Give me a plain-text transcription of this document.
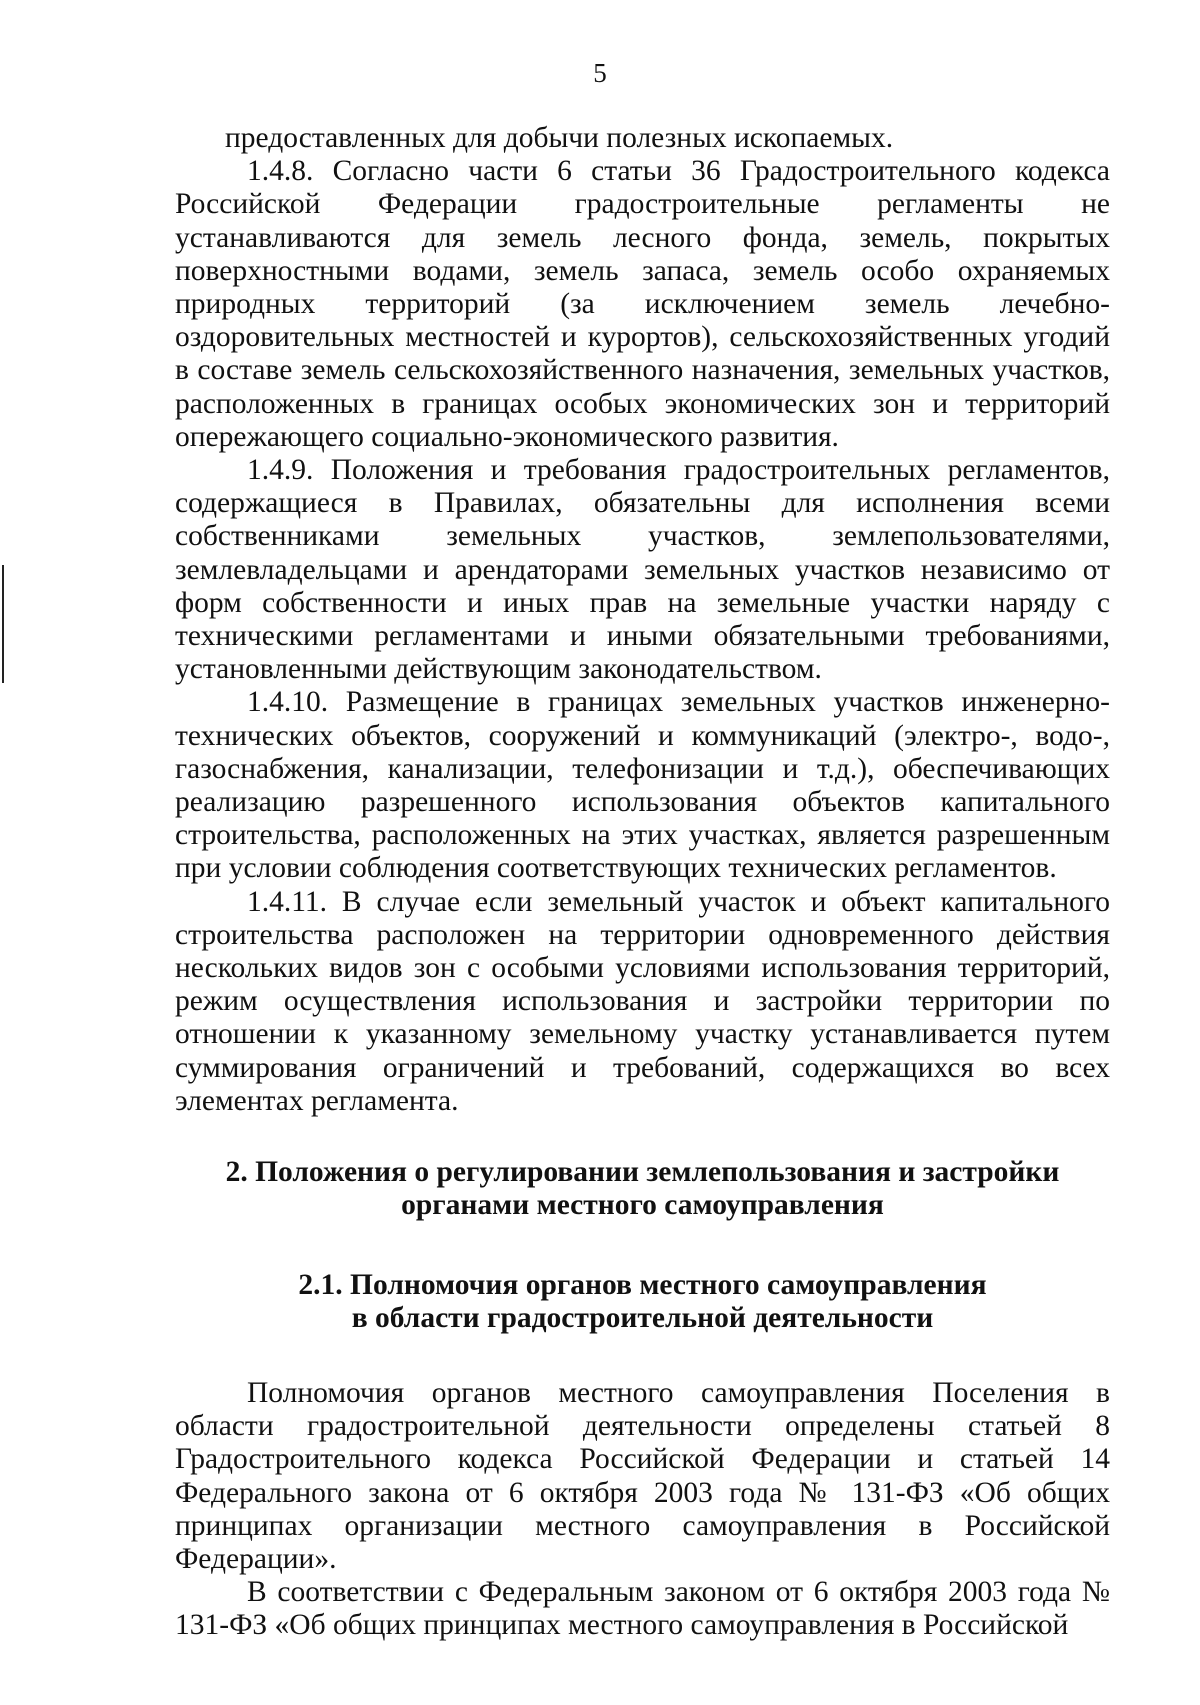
5

предоставленных для добычи полезных ископаемых.

1.4.8. Согласно части 6 статьи 36 Градостроительного кодекса Российской Федерации градостроительные регламенты не устанавливаются для земель лесного фонда, земель, покрытых поверхностными водами, земель запаса, земель особо охраняемых природных территорий (за исключением земель лечебно-оздоровительных местностей и курортов), сельскохозяйственных угодий в составе земель сельскохозяйственного назначения, земельных участков, расположенных в границах особых экономических зон и территорий опережающего социально-экономического развития.

1.4.9. Положения и требования градостроительных регламентов, содержащиеся в Правилах, обязательны для исполнения всеми собственниками земельных участков, землепользователями, землевладельцами и арендаторами земельных участков независимо от форм собственности и иных прав на земельные участки наряду с техническими регламентами и иными обязательными требованиями, установленными действующим законодательством.

1.4.10. Размещение в границах земельных участков инженерно-технических объектов, сооружений и коммуникаций (электро-, водо-, газоснабжения, канализации, телефонизации и т.д.), обеспечивающих реализацию разрешенного использования объектов капитального строительства, расположенных на этих участках, является разрешенным при условии соблюдения соответствующих технических регламентов.

1.4.11. В случае если земельный участок и объект капитального строительства расположен на территории одновременного действия нескольких видов зон с особыми условиями использования территорий, режим осуществления использования и застройки территории по отношении к указанному земельному участку устанавливается путем суммирования ограничений и требований, содержащихся во всех элементах регламента.

2. Положения о регулировании землепользования и застройки
органами местного самоуправления
2.1. Полномочия органов местного самоуправления
в области градостроительной деятельности

Полномочия органов местного самоуправления Поселения в области градостроительной деятельности определены статьей 8 Градостроительного кодекса Российской Федерации и статьей 14 Федерального закона от 6 октября 2003 года № 131-ФЗ «Об общих принципах организации местного самоуправления в Российской Федерации».

В соответствии с Федеральным законом от 6 октября 2003 года № 131-ФЗ «Об общих принципах местного самоуправления в Российской
